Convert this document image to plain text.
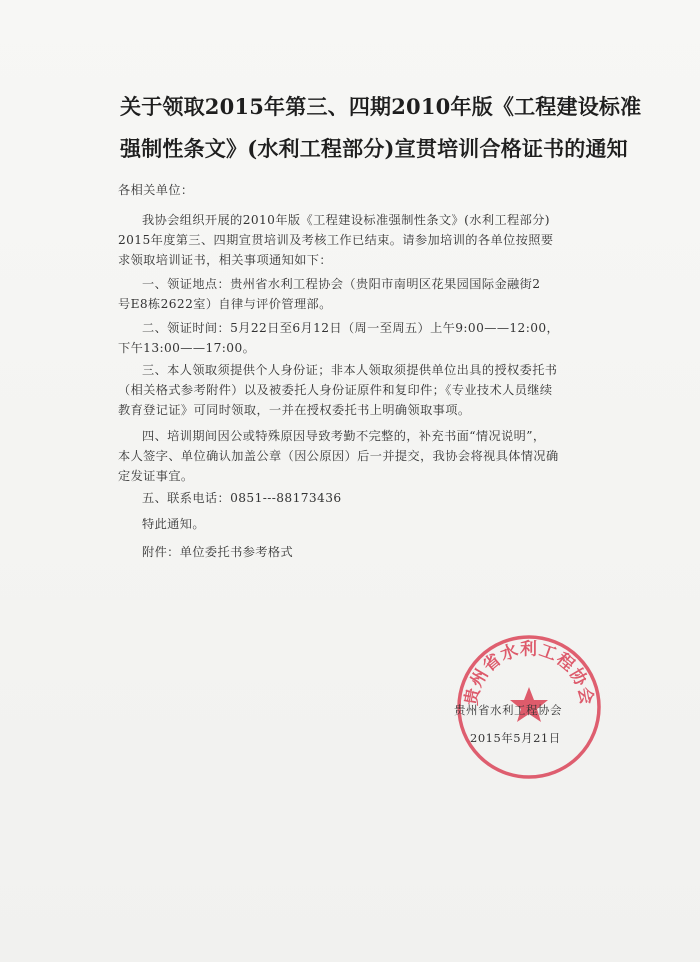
关于领取2015年第三、四期2010年版《工程建设标准
强制性条文》(水利工程部分)宣贯培训合格证书的通知
各相关单位：
我协会组织开展的2010年版《工程建设标准强制性条文》(水利工程部分)
2015年度第三、四期宣贯培训及考核工作已结束。请参加培训的各单位按照要
求领取培训证书，相关事项通知如下：
一、领证地点：贵州省水利工程协会（贵阳市南明区花果园国际金融街2
号E8栋2622室）自律与评价管理部。
二、领证时间：5月22日至6月12日（周一至周五）上午9:00——12:00，
下午13:00——17:00。
三、本人领取须提供个人身份证；非本人领取须提供单位出具的授权委托书
（相关格式参考附件）以及被委托人身份证原件和复印件；《专业技术人员继续
教育登记证》可同时领取，一并在授权委托书上明确领取事项。
四、培训期间因公或特殊原因导致考勤不完整的，补充书面“情况说明”，
本人签字、单位确认加盖公章（因公原因）后一并提交，我协会将视具体情况确
定发证事宜。
五、联系电话：0851---88173436
特此通知。
附件：单位委托书参考格式
贵州省水利工程协会
贵州省水利工程协会
2015年5月21日
